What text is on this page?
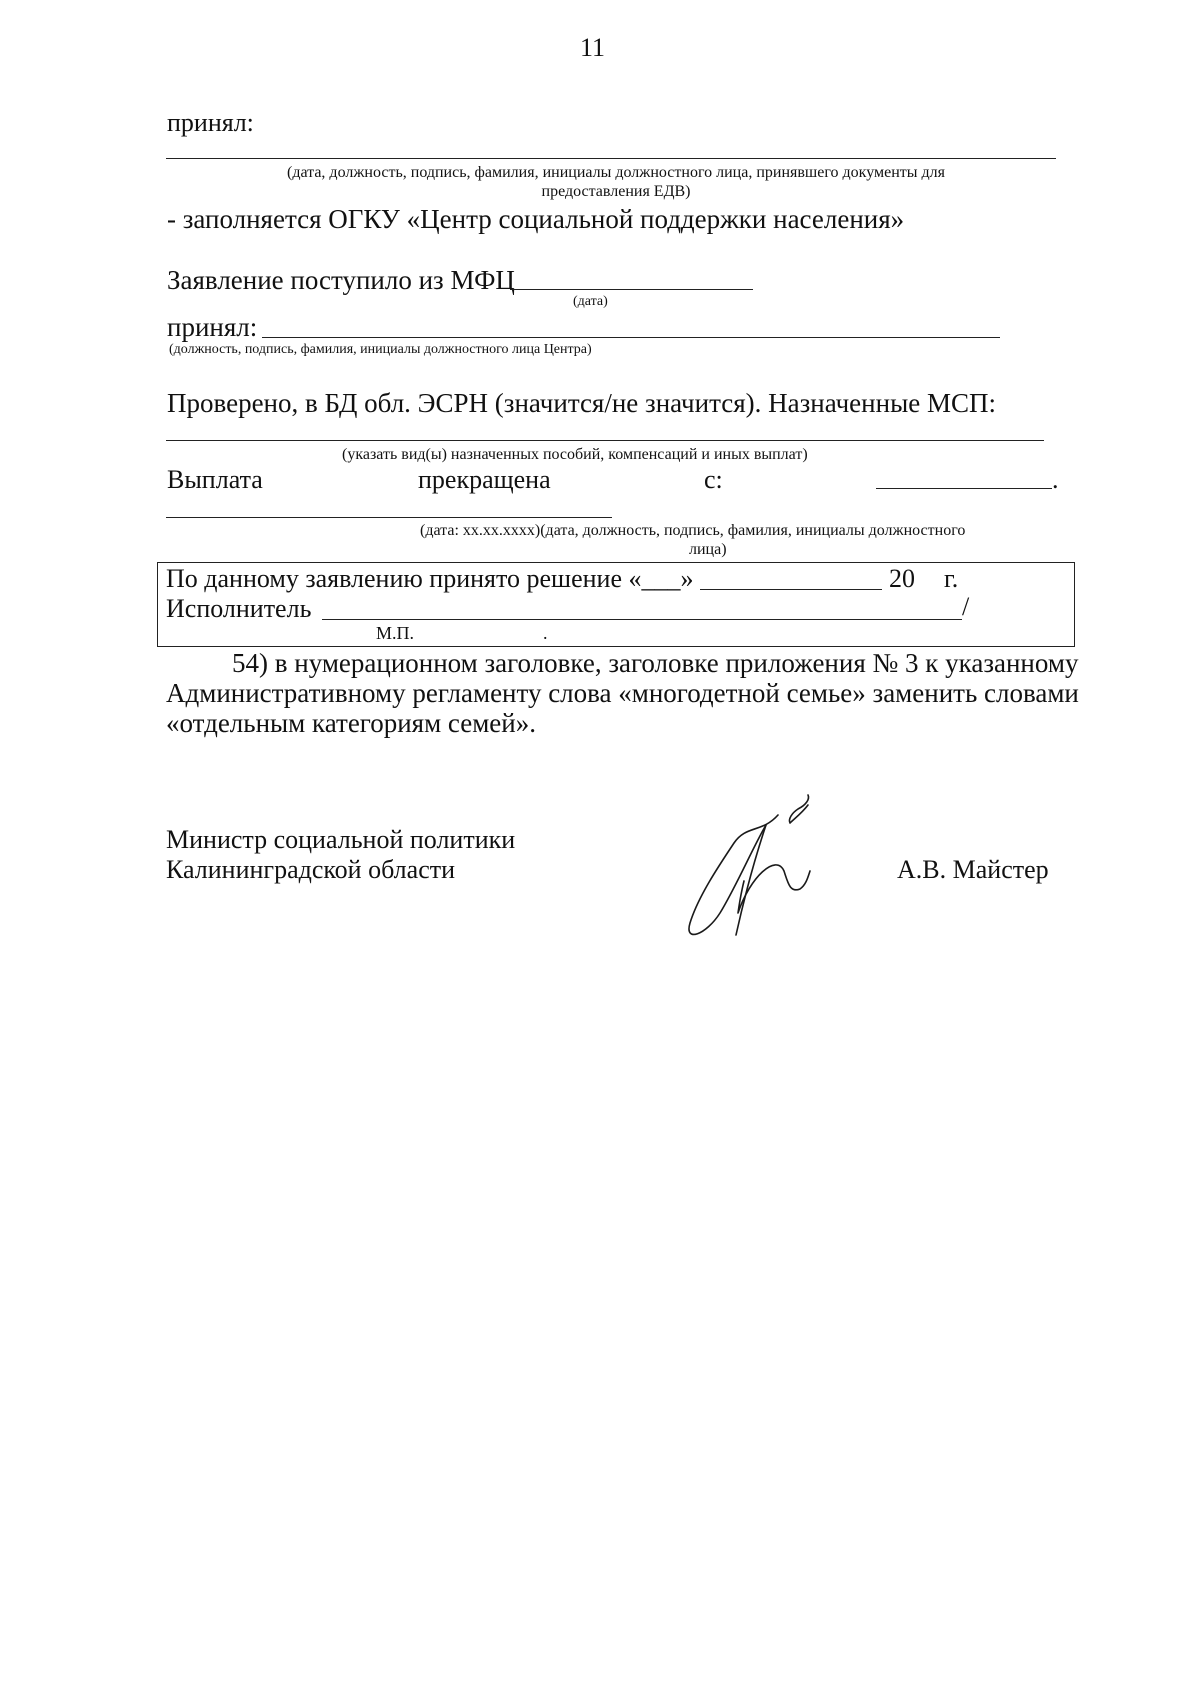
11
принял:
(дата, должность, подпись, фамилия, инициалы должностного лица, принявшего документы для
предоставления ЕДВ)
- заполняется ОГКУ «Центр социальной поддержки населения»
Заявление поступило из МФЦ
(дата)
принял:
(должность, подпись, фамилия, инициалы должностного лица Центра)
Проверено, в БД обл. ЭСРН (значится/не значится). Назначенные МСП:
(указать вид(ы) назначенных пособий, компенсаций и иных выплат)
Выплата	прекращена	с:	.
(дата: хх.хх.хххх)(дата, должность, подпись, фамилия, инициалы должностного
лица)
По данному заявлению принято решение «___»	20 г.
Исполнитель	/
М.П.	.
54) в нумерационном заголовке, заголовке приложения № 3 к указанному
Административному регламенту слова «многодетной семье» заменить словами
«отдельным категориям семей».
Министр социальной политики
Калининградской области	А.В. Майстер
